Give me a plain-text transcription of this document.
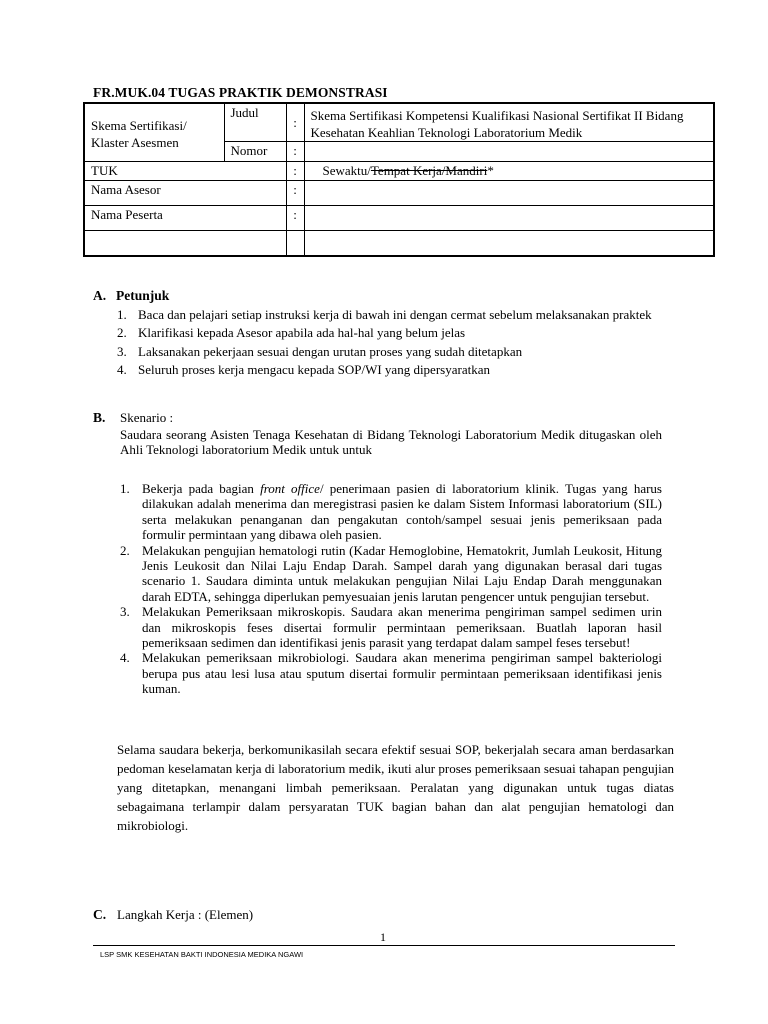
FR.MUK.04 TUGAS PRAKTIK DEMONSTRASI
Skema Sertifikasi/ Klaster Asesmen	Judul	:	Skema Sertifikasi Kompetensi Kualifikasi Nasional Sertifikat II Bidang Kesehatan Keahlian Teknologi Laboratorium Medik
	Nomor	:	
TUK		:	Sewaktu/Tempat Kerja/Mandiri*
Nama Asesor		:	
Nama Peserta		:	

A. Petunjuk
1. Baca dan pelajari setiap instruksi kerja di bawah ini dengan cermat sebelum melaksanakan praktek
2. Klarifikasi kepada Asesor apabila ada hal-hal yang belum jelas
3. Laksanakan pekerjaan sesuai dengan urutan proses yang sudah ditetapkan
4. Seluruh proses kerja mengacu kepada SOP/WI yang dipersyaratkan
B. Skenario :
Saudara seorang Asisten Tenaga Kesehatan di Bidang Teknologi Laboratorium Medik ditugaskan oleh Ahli Teknologi laboratorium Medik untuk untuk
1. Bekerja pada bagian front office/ penerimaan pasien di laboratorium klinik. Tugas yang harus dilakukan adalah menerima dan meregistrasi pasien ke dalam Sistem Informasi laboratorium (SIL) serta melakukan penanganan dan pengakutan contoh/sampel sesuai jenis pemeriksaan pada formulir permintaan yang dibawa oleh pasien.
2. Melakukan pengujian hematologi rutin (Kadar Hemoglobine, Hematokrit, Jumlah Leukosit, Hitung Jenis Leukosit dan Nilai Laju Endap Darah. Sampel darah yang digunakan berasal dari tugas scenario 1. Saudara diminta untuk melakukan pengujian Nilai Laju Endap Darah menggunakan darah EDTA, sehingga diperlukan pemyesuaian jenis larutan pengencer untuk pengujian tersebut.
3. Melakukan Pemeriksaan mikroskopis. Saudara akan menerima pengiriman sampel sedimen urin dan mikroskopis feses disertai formulir permintaan pemeriksaan. Buatlah laporan hasil pemeriksaan sedimen dan identifikasi jenis parasit yang terdapat dalam sampel feses tersebut!
4. Melakukan pemeriksaan mikrobiologi. Saudara akan menerima pengiriman sampel bakteriologi berupa pus atau lesi lusa atau sputum disertai formulir permintaan pemeriksaan identifikasi jenis kuman.
Selama saudara bekerja, berkomunikasilah secara efektif sesuai SOP, bekerjalah secara aman berdasarkan pedoman keselamatan kerja di laboratorium medik, ikuti alur proses pemeriksaan sesuai tahapan pengujian yang ditetapkan, menangani limbah pemeriksaan. Peralatan yang digunakan untuk tugas diatas sebagaimana terlampir dalam persyaratan TUK bagian bahan dan alat pengujian hematologi dan mikrobiologi.
C. Langkah Kerja : (Elemen)
1
LSP SMK KESEHATAN BAKTI INDONESIA MEDIKA NGAWI
